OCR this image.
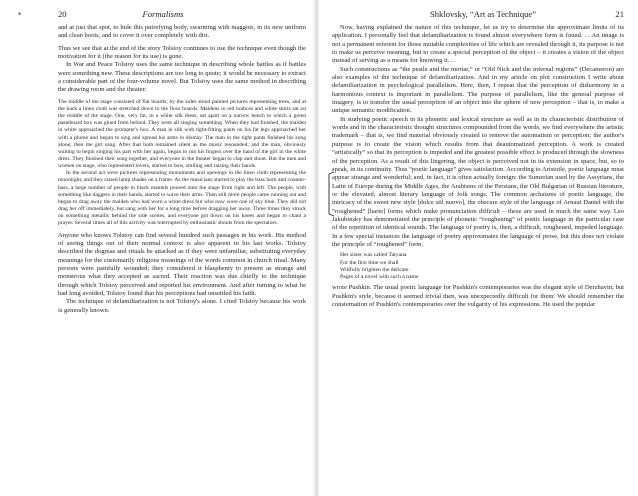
•	20	Formalisms

and at just that spot, to hide this putrefying body, swarming with maggots, in its new uniform and clean boots, and to cover it over completely with dirt.

Thus we see that at the end of the story Tolstoy continues to use the technique even though the motivation for it (the reason for its use) is gone.

In War and Peace Tolstoy uses the same technique in describing whole battles as if battles were something new. These descriptions are too long to quote; it would be necessary to extract a considerable part of the four-volume novel. But Tolstoy uses the same method in describing the drawing room and the theater:

The middle of the stage consisted of flat boards; by the sides stood painted pictures representing trees, and at the back a linen cloth was stretched down to the floor boards. Maidens in red bodices and white skirts sat on the middle of the stage. One, very fat, in a white silk dress, sat apart on a narrow bench to which a green pasteboard box was glued from behind. They were all singing something. When they had finished, the maiden in white approached the prompter's box. A man in silk with tight-fitting pants on his fat legs approached her with a plume and began to sing and spread his arms in dismay. The man in the tight pants finished his song alone; then the girl sang. After that both remained silent as the music resounded; and the man, obviously waiting to begin singing his part with her again, began to run his fingers over the hand of the girl in the white dress. They finished their song together, and everyone in the theater began to clap and shout. But the men and women on stage, who represented lovers, started to bow, smiling and raising their hands.

In the second act were pictures representing monuments and openings in the linen cloth representing the moonlight, and they raised lamp shades on a frame. As the musicians started to play the bass horn and counter-bass, a large number of people in black mantels poured onto the stage from right and left. The people, with something like daggers in their hands, started to wave their arms. Then still more people came running out and began to drag away the maiden who had worn a white dress but who now wore one of sky blue. They did not drag her off immediately, but sang with her for a long time before dragging her away. Three times they struck on something metallic behind the side scenes, and everyone got down on his knees and began to chant a prayer. Several times all of this activity was interrupted by enthusiastic shouts from the spectators.

Anyone who knows Tolstoy can find several hundred such passages in his work. His method of seeing things out of their normal context is also apparent in his last works. Tolstoy described the dogmas and rituals he attacked as if they were unfamiliar, substituting everyday meanings for the customarily religious meanings of the words common in church ritual. Many persons were painfully wounded; they considered it blasphemy to present as strange and monstrous what they accepted as sacred. Their reaction was due chiefly to the technique through which Tolstoy perceived and reported his environment. And after turning to what he had long avoided, Tolstoy found that his perceptions had unsettled his faith.

The technique of defamiliarization is not Tolstoy's alone. I cited Tolstoy because his work is generally known.

Shklovsky, “Art as Technique”	21

Now, having explained the nature of this technique, let us try to determine the approximate limits of its application. I personally feel that defamiliarization is found almost everywhere form is found. . . An image is not a permanent referent for those mutable complexities of life which are revealed through it, its purpose is not to make us perceive meaning, but to create a special perception of the object – it creates a vision of the object instead of serving as a means for knowing it. . .

Such constructions as “the pestle and the mortar,” or “Old Nick and the infernal regions” (Decameron) are also examples of the technique of defamiliarization. And in my article on plot construction I write about defamiliarization in psychological parallelism. Here, then, I repeat that the perception of disharmony in a harmonious context is important in parallelism. The purpose of parallelism, like the general purpose of imagery, is to transfer the usual perception of an object into the sphere of new perception – that is, to make a unique semantic modification.

In studying poetic speech in its phonetic and lexical structure as well as in its characteristic distribution of words and in the characteristic thought structures compounded from the words, we find everywhere the artistic trademark – that is, we find material obviously created to remove the automatism or perception; the author's purpose is to create the vision which results from that deautomatized perception. A work is created “artistically” so that its perception is impeded and the greatest possible effect is produced through the slowness of the perception. As a result of this lingering, the object is perceived not in its extension in space, but, so to speak, in its continuity. Thus “poetic language” gives satisfaction. According to Aristotle, poetic language must appear strange and wonderful; and, in fact, it is often actually foreign: the Sumerian used by the Assyrians, the Latin of Europe during the Middle Ages, the Arabisms of the Persians, the Old Bulgarian of Russian literature, or the elevated, almost literary language of folk songs. The common archaisms of poetic language, the intricacy of the sweet new style [dolce stil nuovo], the obscure style of the language of Arnaut Daniel with the “roughened” [harte] forms which make pronunciation difficult – these are used in much the same way. Leo Jakubinsky has demonstrated the principle of phonetic “roughening” of poetic language in the particular case of the repetition of identical sounds. The language of poetry is, then, a difficult, roughened, impeded language. In a few special instances the language of poetry approximates the language of prose, but this does not violate the principle of “roughened” form.

Her sister was called Tatyana
For the first time we shall
Willfully brighten the delicate
Pages of a novel with such a name

wrote Pushkin. The usual poetic language for Pushkin's contemporaries was the elegant style of Derzhavin; but Pushkin's style, because it seemed trivial then, was unexpectedly difficult for them. We should remember the consternation of Pushkin's contemporaries over the vulgarity of his expressions. He used the popular
